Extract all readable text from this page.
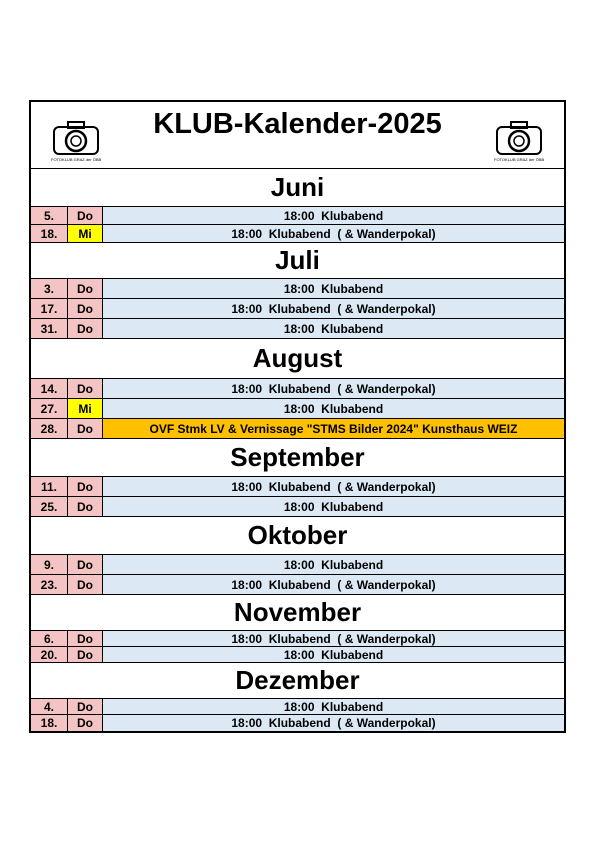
FOTOKLUB GRAZ der ÖBB
KLUB-Kalender-2025
FOTOKLUB GRAZ der ÖBB
Juni
5.	Do	18:00  Klubabend
18.	Mi	18:00  Klubabend  ( & Wanderpokal)
Juli
3.	Do	18:00  Klubabend
17.	Do	18:00  Klubabend  ( & Wanderpokal)
31.	Do	18:00  Klubabend
August
14.	Do	18:00  Klubabend  ( & Wanderpokal)
27.	Mi	18:00  Klubabend
28.	Do	OVF Stmk LV & Vernissage "STMS Bilder 2024" Kunsthaus WEIZ
September
11.	Do	18:00  Klubabend  ( & Wanderpokal)
25.	Do	18:00  Klubabend
Oktober
9.	Do	18:00  Klubabend
23.	Do	18:00  Klubabend  ( & Wanderpokal)
November
6.	Do	18:00  Klubabend  ( & Wanderpokal)
20.	Do	18:00  Klubabend
Dezember
4.	Do	18:00  Klubabend
18.	Do	18:00  Klubabend  ( & Wanderpokal)
